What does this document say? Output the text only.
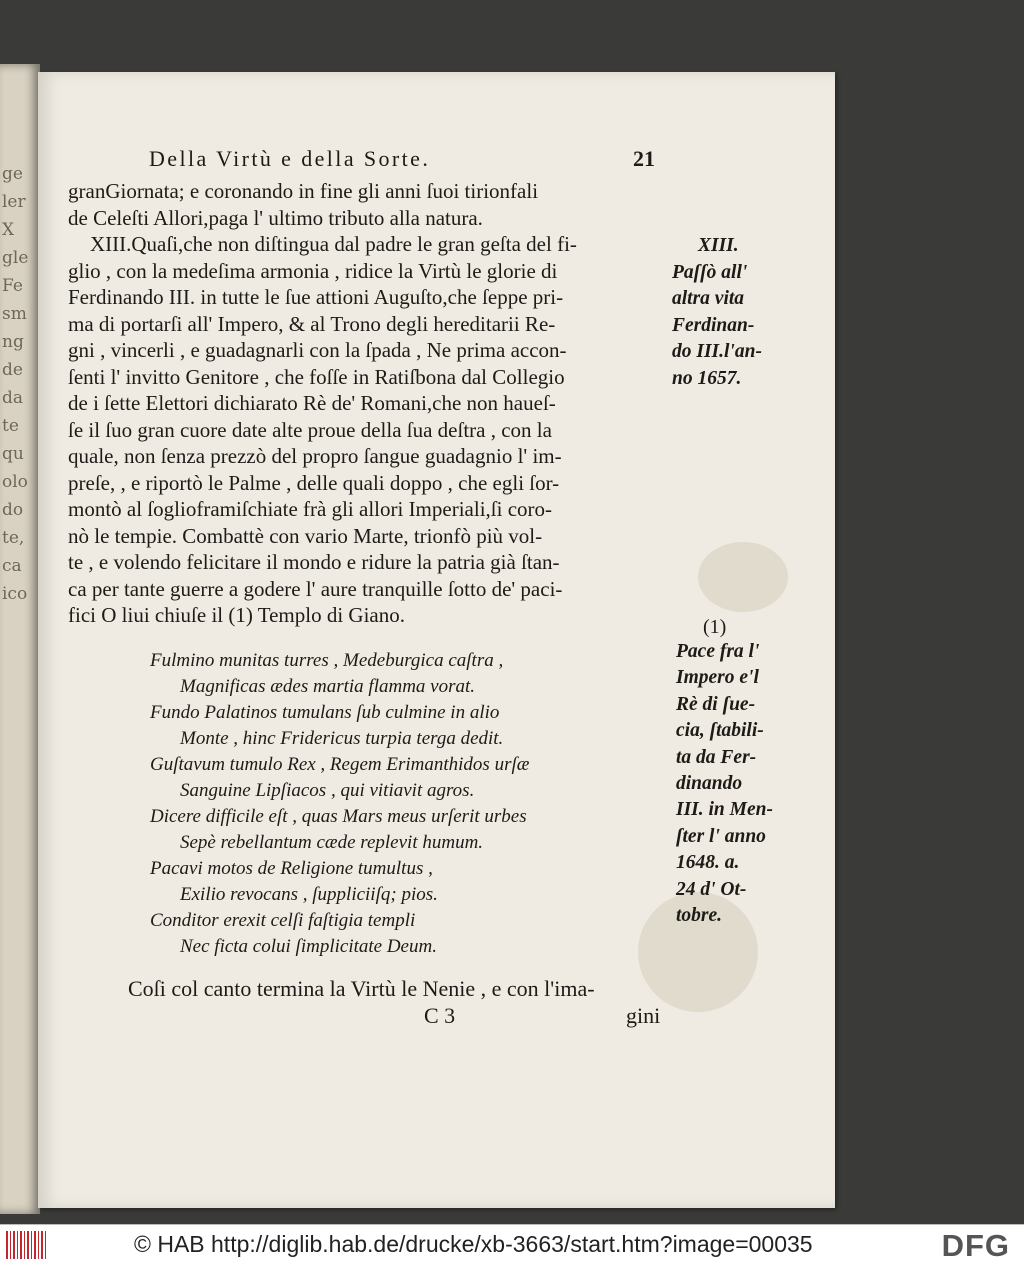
ge
ler
X
gle
Fe
sm
ng
de
da
te
qu
olo
do
te,
ca
ico
Della Virtù e della Sorte.	21
granGiornata; e coronando in fine gli anni ſuoi tirionfali
de Celeſti Allori,paga l' ultimo tributo alla natura.
XIII.Quaſi,che non diſtingua dal padre le gran geſta del fi-
glio , con la medeſima armonia , ridice la Virtù le glorie di
Ferdinando III. in tutte le ſue attioni Auguſto,che ſeppe pri-
ma di portarſi all' Impero, & al Trono degli hereditarii Re-
gni , vincerli , e guadagnarli con la ſpada , Ne prima accon-
ſenti l' invitto Genitore , che foſſe in Ratiſbona dal Collegio
de i ſette Elettori dichiarato Rè de' Romani,che non haueſ-
ſe il ſuo gran cuore date alte proue della ſua deſtra , con la
quale, non ſenza prezzò del propro ſangue guadagnio l' im-
preſe, , e riportò le Palme , delle quali doppo , che egli ſor-
montò al ſoglioframiſchiate frà gli allori Imperiali,ſi coro-
nò le tempie. Combattè con vario Marte, trionfò più vol-
te , e volendo felicitare il mondo e ridure la patria già ſtan-
ca per tante guerre a godere l' aure tranquille ſotto de' paci-
fici O liui chiuſe il (1) Templo di Giano.
Fulmino munitas turres , Medeburgica caſtra ,
Magnificas ædes martia flamma vorat.
Fundo Palatinos tumulans ſub culmine in alio
Monte , hinc Fridericus turpia terga dedit.
Guſtavum tumulo Rex , Regem Erimanthidos urſæ
Sanguine Lipſiacos , qui vitiavit agros.
Dicere difficile eſt , quas Mars meus urſerit urbes
Sepè rebellantum cæde replevit humum.
Pacavi motos de Religione tumultus ,
Exilio revocans , ſuppliciiſq; pios.
Conditor erexit celſi faſtigia templi
Nec ficta colui ſimplicitate Deum.
Coſi col canto termina la Virtù le Nenie , e con l'ima-
C 3	gini
XIII.
Paſſò all'
altra vita
Ferdinan-
do III.l'an-
no 1657.
(1)
Pace fra l'
Impero e'l
Rè di ſue-
cia, ſtabili-
ta da Fer-
dinando
III. in Men-
ſter l' anno
1648. a.
24 d' Ot-
tobre.
© HAB http://diglib.hab.de/drucke/xb-3663/start.htm?image=00035	DFG
